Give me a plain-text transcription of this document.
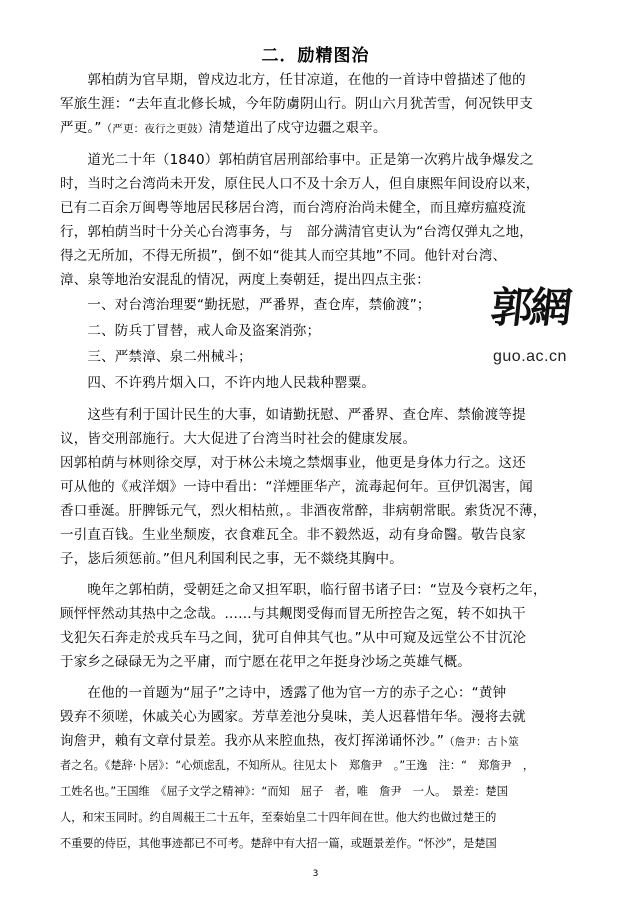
二．励精图治
　　郭柏荫为官早期，曾戍边北方，任甘凉道，在他的一首诗中曾描述了他的
军旅生涯：“去年直北修长城，今年防虜阴山行。阴山六月犹苦雪，何况铁甲支
严更。”（严更：夜行之更鼓）清楚道出了戍守边疆之艰辛。
　　道光二十年（1840）郭柏荫官居刑部给事中。正是第一次鸦片战争爆发之
时，当时之台湾尚未开发，原住民人口不及十余万人，但自康熙年间设府以来，
已有二百余万闽粤等地居民移居台湾，而台湾府治尚未健全，而且瘴疠瘟疫流
行，郭柏荫当时十分关心台湾事务，与　部分满清官吏认为“台湾仅弹丸之地，
得之无所加，不得无所损”，倒不如“徙其人而空其地”不同。他针对台湾、
漳、泉等地治安混乱的情况，两度上奏朝廷，提出四点主张：
　　一、对台湾治理要“勤抚慰，严番界，查仓库，禁偷渡”；
　　二、防兵丁冒替，戒人命及盗案消弥；
　　三、严禁漳、泉二州械斗；
　　四、不许鸦片烟入口，不许内地人民栽种罂粟。
　　这些有利于国计民生的大事，如请勤抚慰、严番界、查仓库、禁偷渡等提
议，皆交刑部施行。大大促进了台湾当时社会的健康发展。
因郭柏荫与林则徐交厚，对于林公未境之禁烟事业，他更是身体力行之。这还
可从他的《戒洋烟》一诗中看出：“洋煙匪华产，流毒起何年。亘伊饥渴害，闻
香口垂涎。肝脾铄元气，烈火相枯煎，。非酒夜常醉，非病朝常眠。索货况不薄，
一引直百钱。生业坐颓废，衣食难瓦全。非不毅然返，动有身命醫。敬告良家
子，毖后须惩前。”但凡利国利民之事，无不燚绕其胸中。
　　晚年之郭柏荫，受朝廷之命又担军职，临行留书诸子曰：“豈及今衰朽之年，
顾怦怦然动其热中之念哉。……与其觍閔受侮而冒无所控告之冤，转不如执干
戈犯矢石奔走於戎兵车马之间，犹可自伸其气也。”从中可窥及远堂公不甘沉沦
于家乡之碌碌无为之平庸，而宁愿在花甲之年挺身沙场之英雄气概。
　　在他的一首题为“屈子”之诗中，透露了他为官一方的赤子之心：“黄钟
毁弃不须嗟，休戚关心为國家。芳草差池分臭味，美人迟暮惜年华。漫将去就
询詹尹，賴有文章付景差。我亦从来腔血热，夜灯挥涕诵怀沙。”（詹尹：古卜筮
者之名。《楚辞·卜居》：“心烦虑乱，不知所从。往见太卜　郑詹尹　。”王逸　注：“　郑詹尹　，
工姓名也。”王国维　《屈子文学之精神》：“而知　屈子　者，唯　詹尹　一人。　景差：楚国
人，和宋玉同时。约自周赧王二十五年，至秦始皇二十四年间在世。他大约也做过楚王的
不重要的侍臣，其他事迹都已不可考。楚辞中有大招一篇，或题景差作。“怀沙”，是楚国
郭網
guo.ac.cn
3
